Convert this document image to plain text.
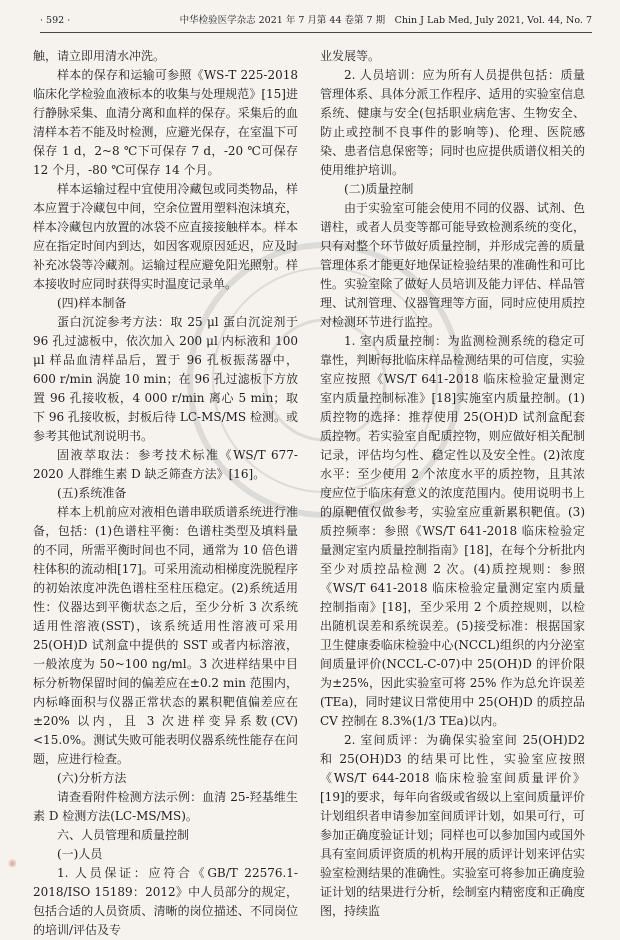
· 592 ·	中华检验医学杂志 2021 年 7 月第 44 卷第 7 期　Chin J Lab Med, July 2021, Vol. 44, No. 7

触，请立即用清水冲洗。

样本的保存和运输可参照《WS-T 225-2018 临床化学检验血液标本的收集与处理规范》[15]进行静脉采集、血清分离和血样的保存。采集后的血清样本若不能及时检测，应避光保存，在室温下可保存 1 d，2~8 ℃下可保存 7 d，-20 ℃可保存 12 个月，-80 ℃可保存 14 个月。

样本运输过程中宜使用冷藏包或同类物品，样本应置于冷藏包中间，空余位置用塑料泡沫填充，样本冷藏包内放置的冰袋不应直接接触样本。样本应在指定时间内到达，如因客观原因延迟，应及时补充冰袋等冷藏剂。运输过程应避免阳光照射。样本接收时应同时获得实时温度记录单。

(四)样本制备

蛋白沉淀参考方法：取 25 μl 蛋白沉淀剂于 96 孔过滤板中，依次加入 200 μl 内标液和 100 μl 样品血清样品后，置于 96 孔板振荡器中，600 r/min 涡旋 10 min；在 96 孔过滤板下方放置 96 孔接收板，4 000 r/min 离心 5 min；取下 96 孔接收板，封板后待 LC-MS/MS 检测。或参考其他试剂说明书。

固液萃取法：参考技术标准《WS/T 677-2020 人群维生素 D 缺乏筛查方法》[16]。

(五)系统准备

样本上机前应对液相色谱串联质谱系统进行准备，包括：(1)色谱柱平衡：色谱柱类型及填料量的不同，所需平衡时间也不同，通常为 10 倍色谱柱体积的流动相[17]。可采用流动相梯度洗脱程序的初始浓度冲洗色谱柱至柱压稳定。(2)系统适用性：仪器达到平衡状态之后，至少分析 3 次系统适用性溶液(SST)，该系统适用性溶液可采用 25(OH)D 试剂盒中提供的 SST 或者内标溶液，一般浓度为 50~100 ng/ml。3 次进样结果中目标分析物保留时间的偏差应在±0.2 min 范围内，内标峰面积与仪器正常状态的累积靶值偏差应在±20% 以内，且 3 次进样变异系数(CV)<15.0%。测试失败可能表明仪器系统性能存在问题，应进行检查。

(六)分析方法

请查看附件检测方法示例：血清 25-羟基维生素 D 检测方法(LC-MS/MS)。

六、人员管理和质量控制

(一)人员

1. 人员保证：应符合《GB/T 22576.1-2018/ISO 15189：2012》中人员部分的规定，包括合适的人员资质、清晰的岗位描述、不同岗位的培训/评估及专

业发展等。

2. 人员培训：应为所有人员提供包括：质量管理体系、具体分派工作程序、适用的实验室信息系统、健康与安全(包括职业病危害、生物安全、防止或控制不良事件的影响等)、伦理、医院感染、患者信息保密等；同时也应提供质谱仪相关的使用维护培训。

(二)质量控制

由于实验室可能会使用不同的仪器、试剂、色谱柱，或者人员变等都可能导致检测系统的变化，只有对整个环节做好质量控制，并形成完善的质量管理体系才能更好地保证检验结果的准确性和可比性。实验室除了做好人员培训及能力评估、样品管理、试剂管理、仪器管理等方面，同时应使用质控对检测环节进行监控。

1. 室内质量控制：为监测检测系统的稳定可靠性，判断每批临床样品检测结果的可信度，实验室应按照《WS/T 641-2018 临床检验定量测定室内质量控制标准》[18]实施室内质量控制。(1)质控物的选择：推荐使用 25(OH)D 试剂盒配套质控物。若实验室自配质控物，则应做好相关配制记录，评估均匀性、稳定性以及安全性。(2)浓度水平：至少使用 2 个浓度水平的质控物，且其浓度应位于临床有意义的浓度范围内。使用说明书上的原靶值仅做参考，实验室应重新累积靶值。(3)质控频率：参照《WS/T 641-2018 临床检验定量测定室内质量控制指南》[18]，在每个分析批内至少对质控品检测 2 次。(4)质控规则：参照《WS/T 641-2018 临床检验定量测定室内质量控制指南》[18]，至少采用 2 个质控规则，以检出随机误差和系统误差。(5)接受标准：根据国家卫生健康委临床检验中心(NCCL)组织的内分泌室间质量评价(NCCL-C-07)中 25(OH)D 的评价限为±25%，因此实验室可将 25% 作为总允许误差(TEa)，同时建议日常使用中 25(OH)D 的质控品 CV 控制在 8.3%(1/3 TEa)以内。

2. 室间质评：为确保实验室间 25(OH)D2 和 25(OH)D3 的结果可比性，实验室应按照《WS/T 644-2018 临床检验室间质量评价》[19]的要求，每年向省级或省级以上室间质量评价计划组织者申请参加室间质评计划，如果可行，可参加正确度验证计划；同样也可以参加国内或国外具有室间质评资质的机构开展的质评计划来评估实验室检测结果的准确性。实验室可将参加正确度验证计划的结果进行分析，绘制室内精密度和正确度图，持续监

◉
